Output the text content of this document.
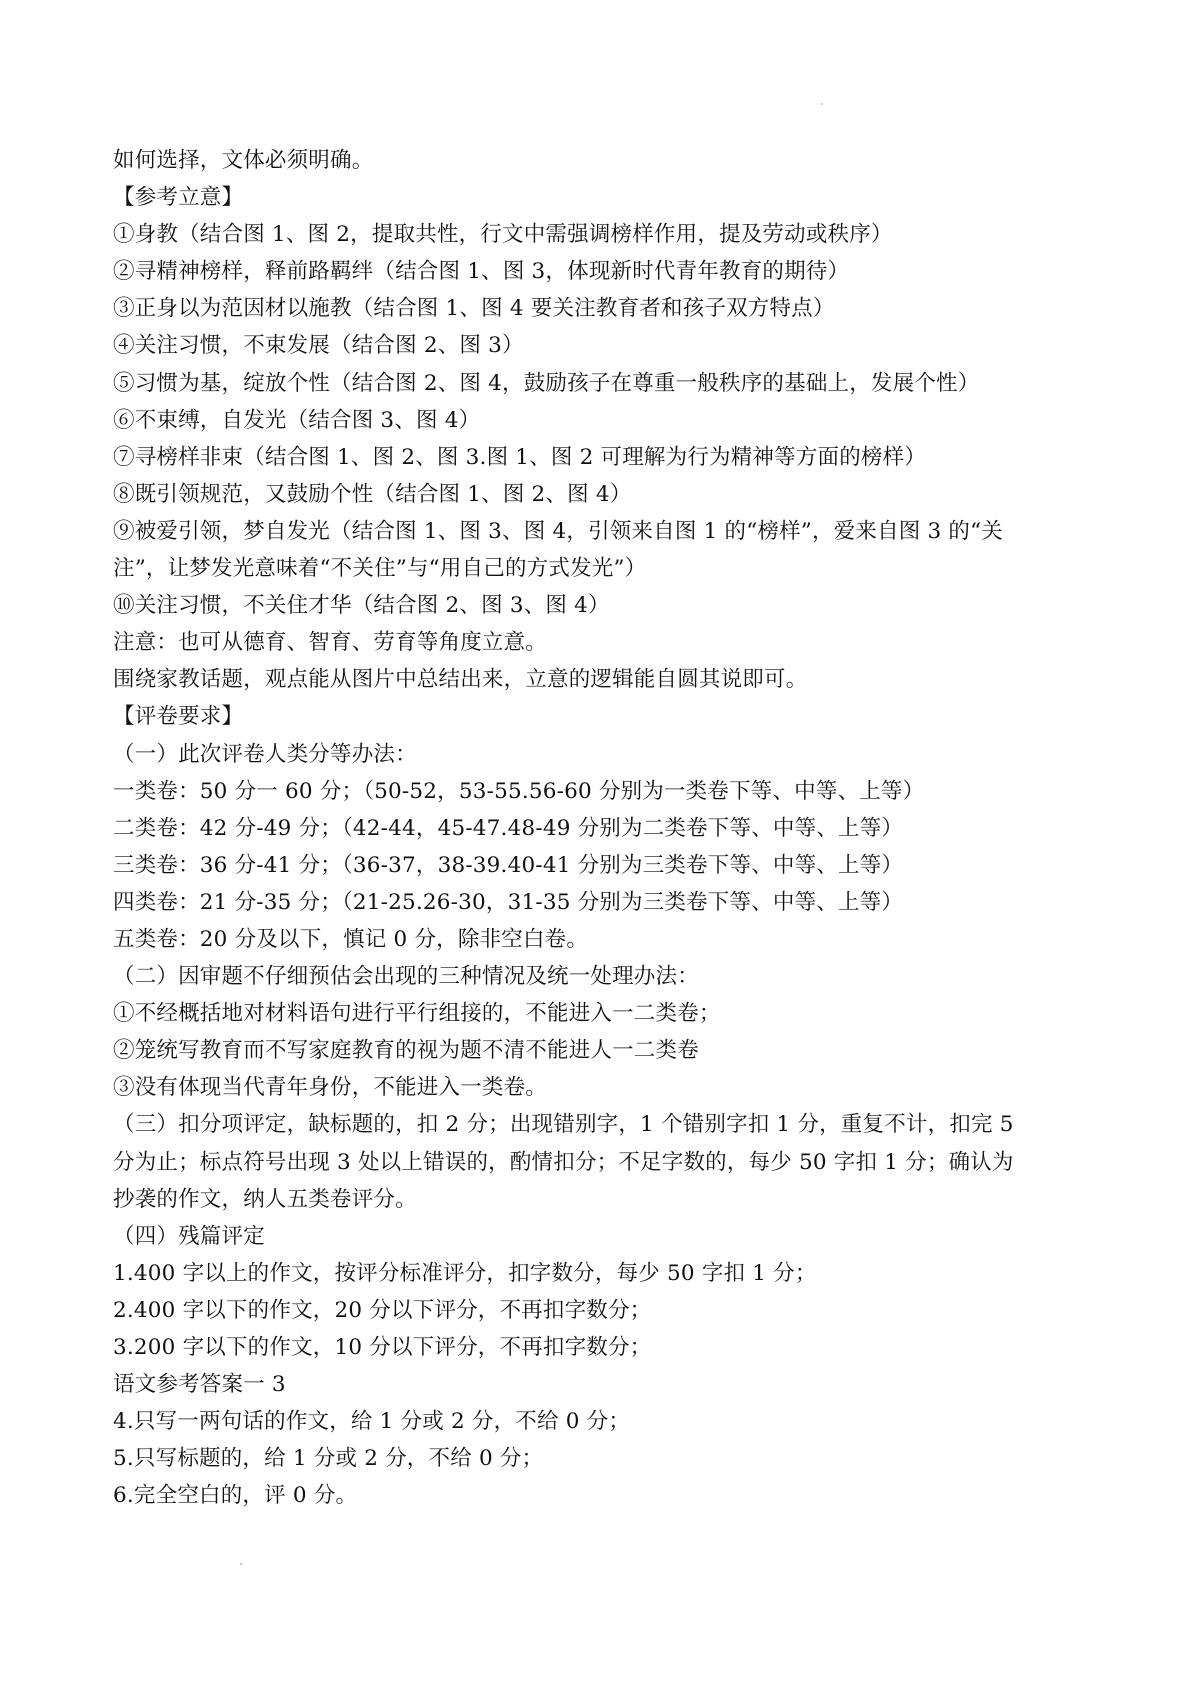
如何选择，文体必须明确。
【参考立意】
①身教（结合图 1、图 2，提取共性，行文中需强调榜样作用，提及劳动或秩序）
②寻精神榜样，释前路羁绊（结合图 1、图 3，体现新时代青年教育的期待）
③正身以为范因材以施教（结合图 1、图 4 要关注教育者和孩子双方特点）
④关注习惯，不束发展（结合图 2、图 3）
⑤习惯为基，绽放个性（结合图 2、图 4，鼓励孩子在尊重一般秩序的基础上，发展个性）
⑥不束缚，自发光（结合图 3、图 4）
⑦寻榜样非束（结合图 1、图 2、图 3.图 1、图 2 可理解为行为精神等方面的榜样）
⑧既引领规范，又鼓励个性（结合图 1、图 2、图 4）
⑨被爱引领，梦自发光（结合图 1、图 3、图 4，引领来自图 1 的“榜样”，爱来自图 3 的“关
注”，让梦发光意味着“不关住”与“用自己的方式发光”）
⑩关注习惯，不关住才华（结合图 2、图 3、图 4）
注意：也可从德育、智育、劳育等角度立意。
围绕家教话题，观点能从图片中总结出来，立意的逻辑能自圆其说即可。
【评卷要求】
（一）此次评卷人类分等办法：
一类卷：50 分一 60 分；（50-52，53-55.56-60 分别为一类卷下等、中等、上等）
二类卷：42 分-49 分；（42-44，45-47.48-49 分别为二类卷下等、中等、上等）
三类卷：36 分-41 分；（36-37，38-39.40-41 分别为三类卷下等、中等、上等）
四类卷：21 分-35 分；（21-25.26-30，31-35 分别为三类卷下等、中等、上等）
五类卷：20 分及以下，慎记 0 分，除非空白卷。
（二）因审题不仔细预估会出现的三种情况及统一处理办法：
①不经概括地对材料语句进行平行组接的，不能进入一二类卷；
②笼统写教育而不写家庭教育的视为题不清不能进人一二类卷
③没有体现当代青年身份，不能进入一类卷。
（三）扣分项评定，缺标题的，扣 2 分；出现错别字，1 个错别字扣 1 分，重复不计，扣完 5
分为止；标点符号出现 3 处以上错误的，酌情扣分；不足字数的，每少 50 字扣 1 分；确认为
抄袭的作文，纳人五类卷评分。
（四）残篇评定
1.400 字以上的作文，按评分标准评分，扣字数分，每少 50 字扣 1 分；
2.400 字以下的作文，20 分以下评分，不再扣字数分；
3.200 字以下的作文，10 分以下评分，不再扣字数分；
语文参考答案一 3
4.只写一两句话的作文，给 1 分或 2 分，不给 0 分；
5.只写标题的，给 1 分或 2 分，不给 0 分；
6.完全空白的，评 0 分。
